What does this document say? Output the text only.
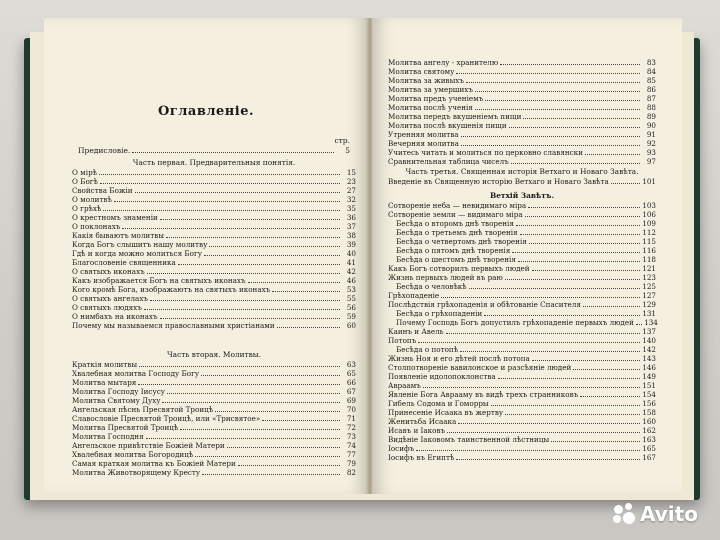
Оглавленіе.
стр.
Предисловіе.	5
Часть первая. Предварительныя понятія.
О мірѣ	15
О Богѣ	23
Свойства Божіи	27
О молитвѣ	32
О грѣхѣ	35
О крестномъ знаменіи	36
О поклонахъ	37
Какія бываютъ молитвы	38
Когда Богъ слышитъ нашу молитву	39
Гдѣ и когда можно молиться Богу	40
Благословеніе священника	41
О святыхъ иконахъ	42
Какъ изображается Богъ на святыхъ иконахъ	46
Кого кромѣ Бога, изображаютъ на святыхъ иконахъ	53
О святыхъ ангелахъ	55
О святыхъ людяхъ	56
О нимбахъ на иконахъ	59
Почему мы называемся православными христіанами	60
Часть вторая. Молитвы.
Краткія молитвы	63
Хвалебная молитва Господу Богу	65
Молитва мытаря	66
Молитва Господу Іисусу	67
Молитва Святому Духу	69
Ангельская пѣснь Пресвятой Троицѣ	70
Славословіе Пресвятой Троицѣ, или «Трисвятое»	71
Молитва Пресвятой Троицѣ	72
Молитва Господня	73
Ангельское привѣтствіе Божіей Матери	74
Хвалебная молитва Богородицѣ	77
Самая краткая молитва къ Божіей Матери	79
Молитва Животворящему Кресту	82
Молитва ангелу - хранителю	83
Молитва святому	84
Молитва за живыхъ	85
Молитва за умершихъ	86
Молитва предъ ученіемъ	87
Молитва послѣ ученія	88
Молитва передъ вкушеніемъ пищи	89
Молитва послѣ вкушенія пищи	90
Утренняя молитва	91
Вечерняя молитва	92
Учитесь читать и молиться по церковно славянски	93
Сравнительная таблица чиселъ	97
Часть третья. Священная исторія Ветхаго и Новаго Завѣта.
Введеніе въ Священную исторію Ветхаго и Новаго Завѣта	101
Ветхій Завѣтъ.
Сотвореніе неба — невидимаго міра	103
Сотвореніе земли — видимаго міра	106
Бесѣда о второмъ днѣ творенія	109
Бесѣда о третьемъ днѣ творенія	112
Бесѣда о четвертомъ днѣ творенія	115
Бесѣда о пятомъ днѣ творенія	116
Бесѣда о шестомъ днѣ творенія	118
Какъ Богъ сотворилъ первыхъ людей	121
Жизнь первыхъ людей въ раю	123
Бесѣда о человѣкѣ	125
Грѣхопаденіе	127
Послѣдствія грѣхопаденія и обѣтованіе Спасителя	129
Бесѣда о грѣхопаденіи	131
Почему Господь Богъ допустилъ грѣхопаденіе первыхъ людей 134
Каинъ и Авель	137
Потопъ	140
Бесѣда о потопѣ	142
Жизнь Ноя и его дѣтей послѣ потопа	143
Столпотвореніе вавилонское и разсѣяніе людей	146
Появленіе идолопоклонства	149
Авраамъ	151
Явленіе Бога Аврааму въ видѣ трехъ странниковъ	154
Гибель Содома и Гоморры	156
Принесеніе Исаака въ жертву	158
Женитьба Исаака	160
Исавъ и Іаковъ	162
Видѣніе Іаковомъ таинственной лѣстницы	163
Іосифъ	165
Іосифъ въ Египтѣ	167
Avito
